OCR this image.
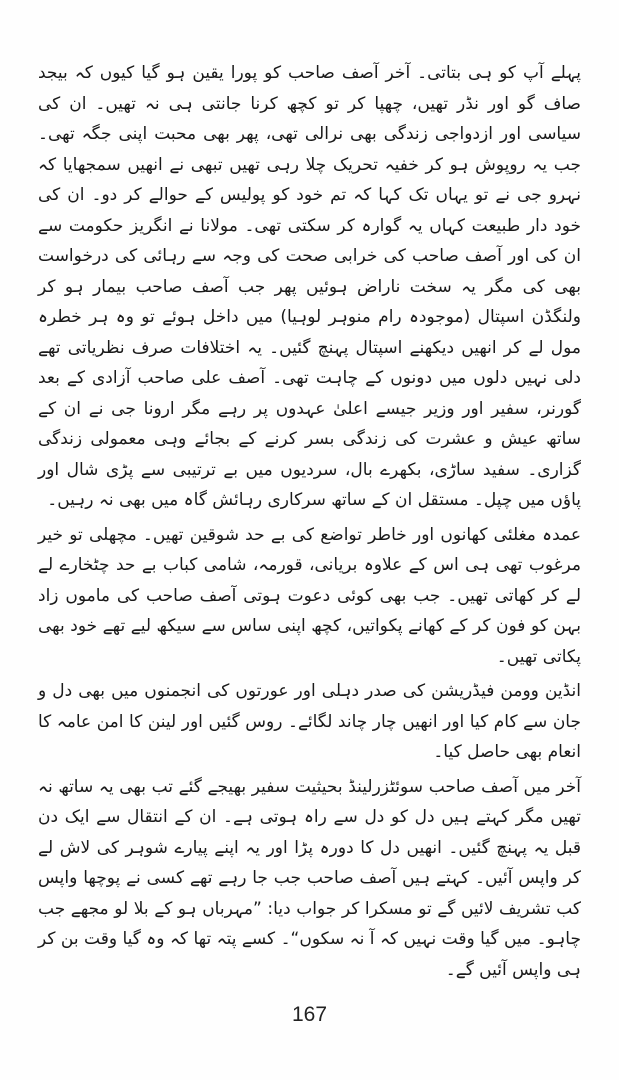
پہلے آپ کو ہی بتاتی۔ آخر آصف صاحب کو پورا یقین ہو گیا کیوں کہ بیجد صاف گو اور نڈر تھیں، چھپا کر تو کچھ کرنا جانتی ہی نہ تھیں۔ ان کی سیاسی اور ازدواجی زندگی بھی نرالی تھی، پھر بھی محبت اپنی جگہ تھی۔ جب یہ روپوش ہو کر خفیہ تحریک چلا رہی تھیں تبھی نے انھیں سمجھایا کہ نہرو جی نے تو یہاں تک کہا کہ تم خود کو پولیس کے حوالے کر دو۔ ان کی خود دار طبیعت کہاں یہ گوارہ کر سکتی تھی۔ مولانا نے انگریز حکومت سے ان کی اور آصف صاحب کی خرابی صحت کی وجہ سے رہائی کی درخواست بھی کی مگر یہ سخت ناراض ہوئیں پھر جب آصف صاحب بیمار ہو کر ولنگڈن اسپتال (موجودہ رام منوہر لوہیا) میں داخل ہوئے تو وہ ہر خطرہ مول لے کر انھیں دیکھنے اسپتال پہنچ گئیں۔ یہ اختلافات صرف نظریاتی تھے دلی نہیں دلوں میں دونوں کے چاہت تھی۔ آصف علی صاحب آزادی کے بعد گورنر، سفیر اور وزیر جیسے اعلیٰ عہدوں پر رہے مگر ارونا جی نے ان کے ساتھ عیش و عشرت کی زندگی بسر کرنے کے بجائے وہی معمولی زندگی گزاری۔ سفید ساڑی، بکھرے بال، سردیوں میں بے ترتیبی سے پڑی شال اور پاؤں میں چپل۔ مستقل ان کے ساتھ سرکاری رہائش گاہ میں بھی نہ رہیں۔

عمدہ مغلئی کھانوں اور خاطر تواضع کی بے حد شوقین تھیں۔ مچھلی تو خیر مرغوب تھی ہی اس کے علاوہ بریانی، قورمہ، شامی کباب بے حد چٹخارے لے لے کر کھاتی تھیں۔ جب بھی کوئی دعوت ہوتی آصف صاحب کی ماموں زاد بہن کو فون کر کے کھانے پکواتیں، کچھ اپنی ساس سے سیکھ لیے تھے خود بھی پکاتی تھیں۔

انڈین وومن فیڈریشن کی صدر دہلی اور عورتوں کی انجمنوں میں بھی دل و جان سے کام کیا اور انھیں چار چاند لگائے۔ روس گئیں اور لینن کا امن عامہ کا انعام بھی حاصل کیا۔

آخر میں آصف صاحب سوئٹزرلینڈ بحیثیت سفیر بھیجے گئے تب بھی یہ ساتھ نہ تھیں مگر کہتے ہیں دل کو دل سے راہ ہوتی ہے۔ ان کے انتقال سے ایک دن قبل یہ پہنچ گئیں۔ انھیں دل کا دورہ پڑا اور یہ اپنے پیارے شوہر کی لاش لے کر واپس آئیں۔ کہتے ہیں آصف صاحب جب جا رہے تھے کسی نے پوچھا واپس کب تشریف لائیں گے تو مسکرا کر جواب دیا: ”مہرباں ہو کے بلا لو مجھے جب چاہو۔ میں گیا وقت نہیں کہ آ نہ سکوں“۔ کسے پتہ تھا کہ وہ گیا وقت بن کر ہی واپس آئیں گے۔

167
